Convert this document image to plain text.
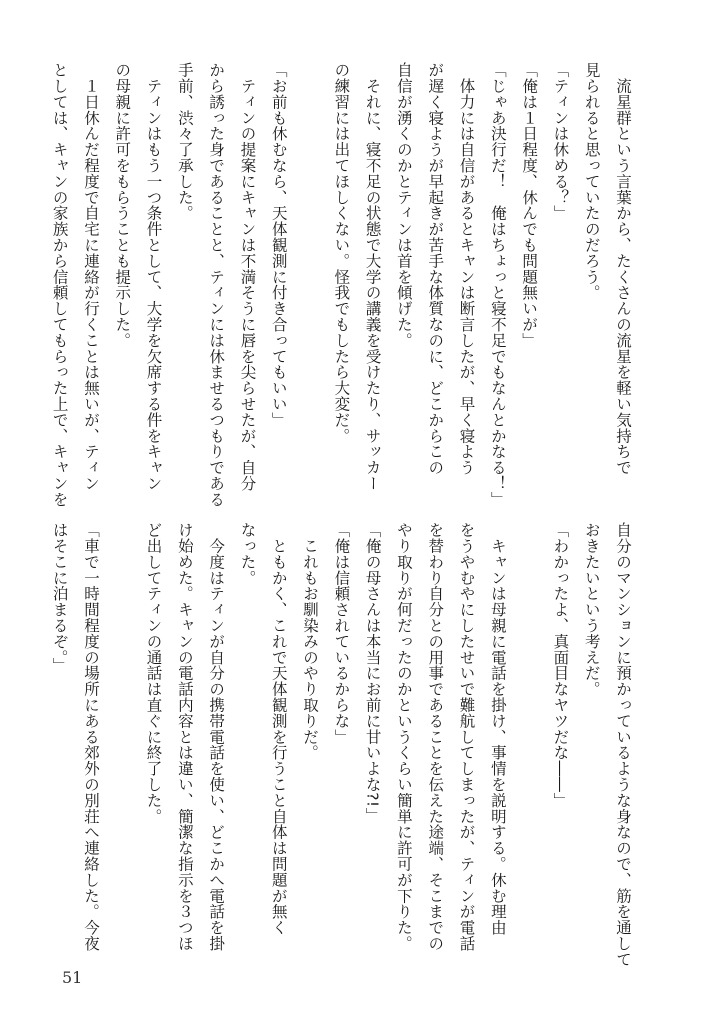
　流星群という言葉から、たくさんの流星を軽い気持ちで
見られると思っていたのだろう。
「ティンは休める？」
「俺は１日程度、休んでも問題無いが」
「じゃあ決行だ！　俺はちょっと寝不足でもなんとかなる！」
　体力には自信があるとキャンは断言したが、早く寝よう
が遅く寝ようが早起きが苦手な体質なのに、どこからこの
自信が湧くのかとティンは首を傾げた。
　それに、寝不足の状態で大学の講義を受けたり、サッカー
の練習には出てほしくない。怪我でもしたら大変だ。

「お前も休むなら、天体観測に付き合ってもいい」
　ティンの提案にキャンは不満そうに唇を尖らせたが、自分
から誘った身であることと、ティンには休ませるつもりである
手前、渋々了承した。
　ティンはもう一つ条件として、大学を欠席する件をキャン
の母親に許可をもらうことも提示した。
　１日休んだ程度で自宅に連絡が行くことは無いが、ティン
としては、キャンの家族から信頼してもらった上で、キャンを
自分のマンションに預かっているような身なので、筋を通して
おきたいという考えだ。
「わかったよ、真面目なヤツだな――」

　キャンは母親に電話を掛け、事情を説明する。休む理由
をうやむやにしたせいで難航してしまったが、ティンが電話
を替わり自分との用事であることを伝えた途端、そこまでの
やり取りが何だったのかというくらい簡単に許可が下りた。
「俺の母さんは本当にお前に甘いよな?!」
「俺は信頼されているからな」
　これもお馴染みのやり取りだ。
　ともかく、これで天体観測を行うこと自体は問題が無く
なった。
　今度はティンが自分の携帯電話を使い、どこかへ電話を掛
け始めた。キャンの電話内容とは違い、簡潔な指示を３つほ
ど出してティンの通話は直ぐに終了した。

「車で一時間程度の場所にある郊外の別荘へ連絡した。今夜
はそこに泊まるぞ。」
51
